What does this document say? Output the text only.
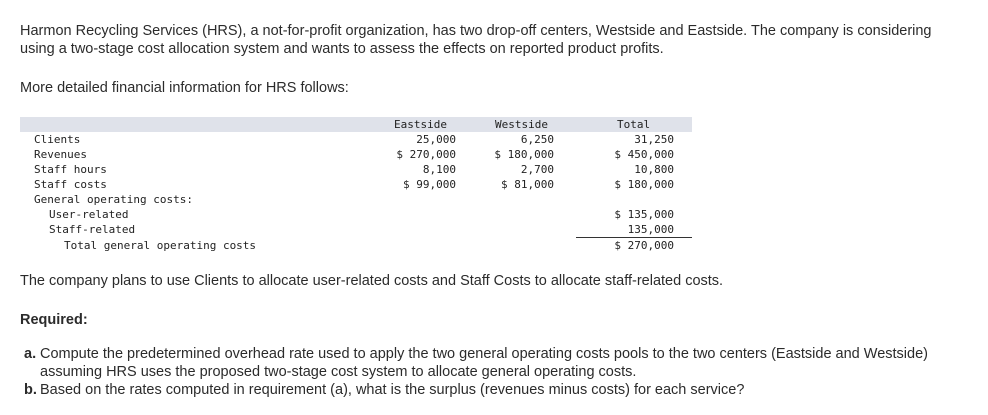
Harmon Recycling Services (HRS), a not-for-profit organization, has two drop-off centers, Westside and Eastside. The company is considering using a two-stage cost allocation system and wants to assess the effects on reported product profits.

More detailed financial information for HRS follows:

Eastside	Westside	Total
Clients
Revenues
Staff hours
Staff costs
General operating costs:
User-related
Staff-related
Total general operating costs
25,000
$ 270,000
8,100
$ 99,000
6,250
$ 180,000
2,700
$ 81,000
31,250
$ 450,000
10,800
$ 180,000
$ 135,000
135,000
$ 270,000

The company plans to use Clients to allocate user-related costs and Staff Costs to allocate staff-related costs.

Required:

a. Compute the predetermined overhead rate used to apply the two general operating costs pools to the two centers (Eastside and Westside) assuming HRS uses the proposed two-stage cost system to allocate general operating costs.
b. Based on the rates computed in requirement (a), what is the surplus (revenues minus costs) for each service?
